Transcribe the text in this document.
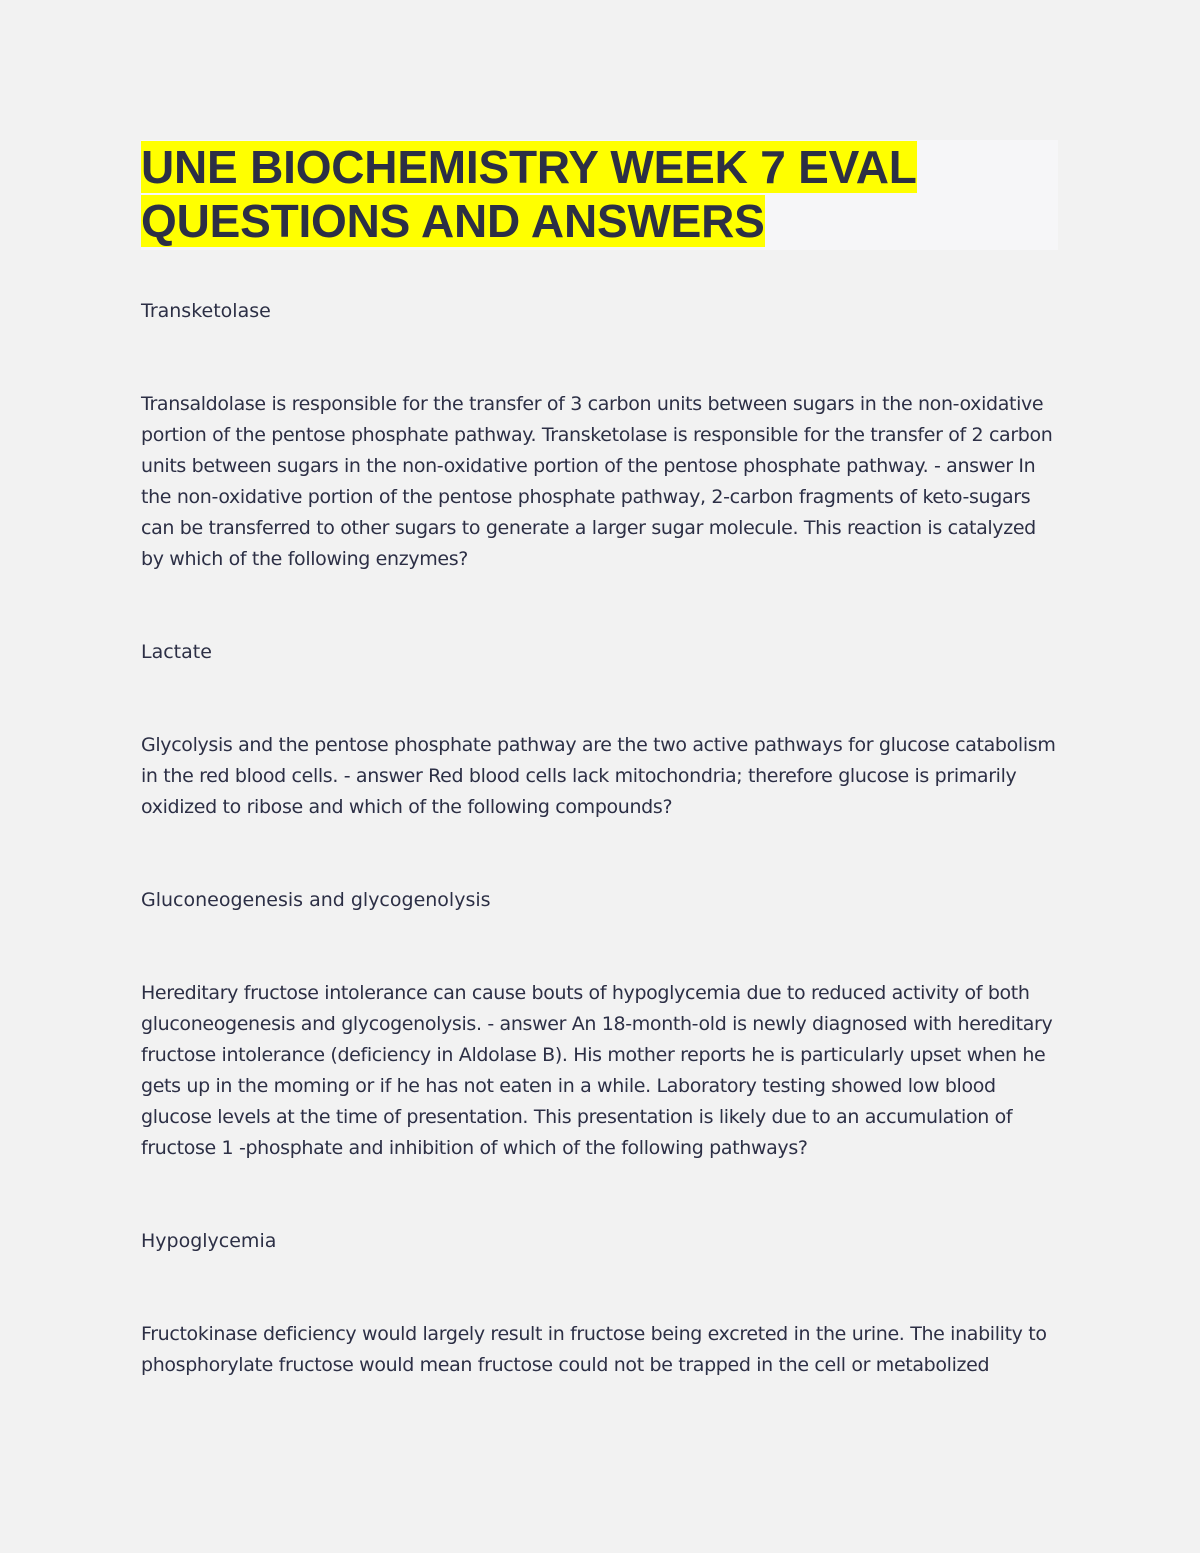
UNE BIOCHEMISTRY WEEK 7 EVAL
QUESTIONS AND ANSWERS

Transketolase

Transaldolase is responsible for the transfer of 3 carbon units between sugars in the non-oxidative portion of the pentose phosphate pathway. Transketolase is responsible for the transfer of 2 carbon units between sugars in the non-oxidative portion of the pentose phosphate pathway. - answer In the non-oxidative portion of the pentose phosphate pathway, 2-carbon fragments of keto-sugars can be transferred to other sugars to generate a larger sugar molecule. This reaction is catalyzed by which of the following enzymes?

Lactate

Glycolysis and the pentose phosphate pathway are the two active pathways for glucose catabolism in the red blood cells. - answer Red blood cells lack mitochondria; therefore glucose is primarily oxidized to ribose and which of the following compounds?

Gluconeogenesis and glycogenolysis

Hereditary fructose intolerance can cause bouts of hypoglycemia due to reduced activity of both gluconeogenesis and glycogenolysis. - answer An 18-month-old is newly diagnosed with hereditary fructose intolerance (deficiency in Aldolase B). His mother reports he is particularly upset when he gets up in the moming or if he has not eaten in a while. Laboratory testing showed low blood glucose levels at the time of presentation. This presentation is likely due to an accumulation of fructose 1 -phosphate and inhibition of which of the following pathways?

Hypoglycemia

Fructokinase deficiency would largely result in fructose being excreted in the urine. The inability to phosphorylate fructose would mean fructose could not be trapped in the cell or metabolized
